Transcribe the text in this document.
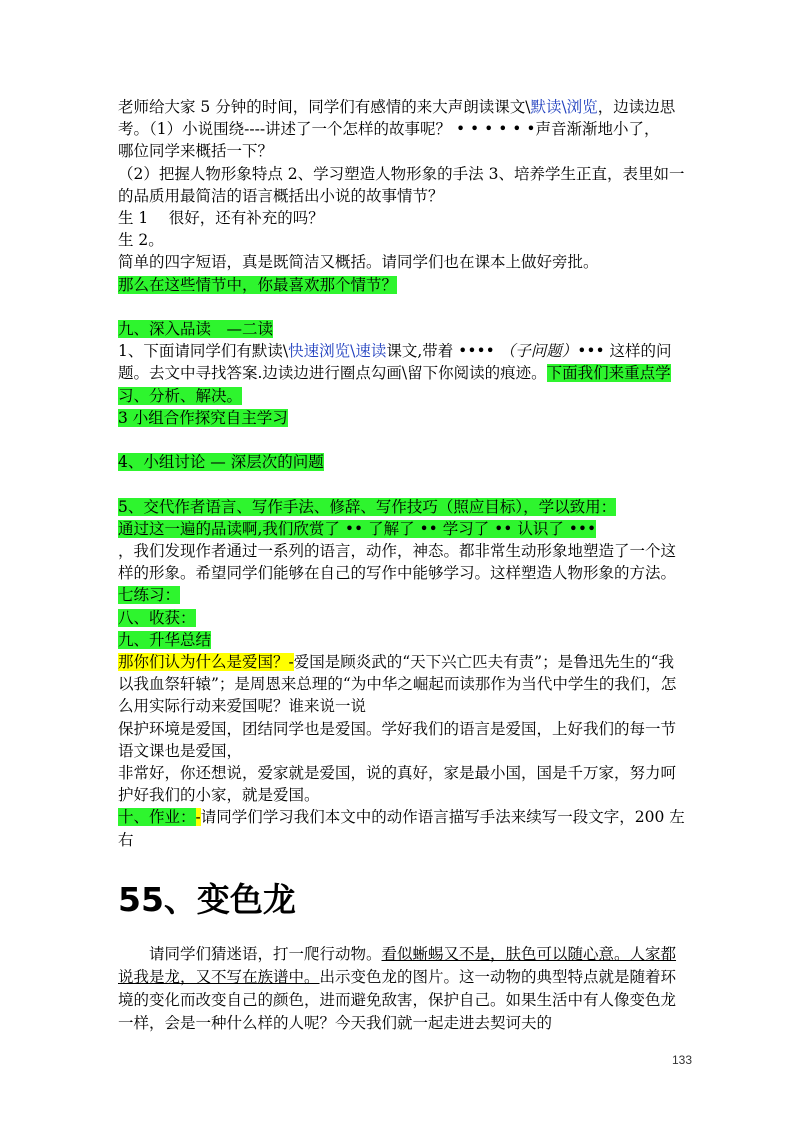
老师给大家 5 分钟的时间，同学们有感情的来大声朗读课文\默读\浏览，边读边思考。（1）小说围绕----讲述了一个怎样的故事呢？ • • • • • •声音渐渐地小了，

哪位同学来概括一下？

（2）把握人物形象特点 2、学习塑造人物形象的手法 3、培养学生正直，表里如一的品质用最简洁的语言概括出小说的故事情节？

生 1　 很好，还有补充的吗？

生 2。

简单的四字短语，真是既简洁又概括。请同学们也在课本上做好旁批。

那么在这些情节中，你最喜欢那个情节？

九、深入品读　—二读

1、下面请同学们有默读\快速浏览\速读课文,带着 •••• （子问题）••• 这样的问题。去文中寻找答案.边读边进行圈点勾画\留下你阅读的痕迹。下面我们来重点学习、分析、解决。

3 小组合作探究自主学习

4、小组讨论 — 深层次的问题

5、交代作者语言、写作手法、修辞、写作技巧（照应目标），学以致用：

通过这一遍的品读啊,我们欣赏了 •• 了解了 •• 学习了 •• 认识了 •••

，我们发现作者通过一系列的语言，动作，神态。都非常生动形象地塑造了一个这样的形象。希望同学们能够在自己的写作中能够学习。这样塑造人物形象的方法。

七练习：

八、收获：

九、升华总结

那你们认为什么是爱国？-爱国是顾炎武的“天下兴亡匹夫有责”；是鲁迅先生的“我以我血祭轩辕”；是周恩来总理的“为中华之崛起而读那作为当代中学生的我们，怎么用实际行动来爱国呢？谁来说一说

保护环境是爱国，团结同学也是爱国。学好我们的语言是爱国，上好我们的每一节语文课也是爱国，

非常好，你还想说，爱家就是爱国，说的真好，家是最小国，国是千万家，努力呵护好我们的小家，就是爱国。

十、作业：-请同学们学习我们本文中的动作语言描写手法来续写一段文字，200 左右

55、变色龙

请同学们猜迷语，打一爬行动物。看似蜥蜴又不是，肤色可以随心意。人家都说我是龙，又不写在族谱中。出示变色龙的图片。这一动物的典型特点就是随着环境的变化而改变自己的颜色，进而避免敌害，保护自己。如果生活中有人像变色龙一样，会是一种什么样的人呢？今天我们就一起走进去契诃夫的

133
